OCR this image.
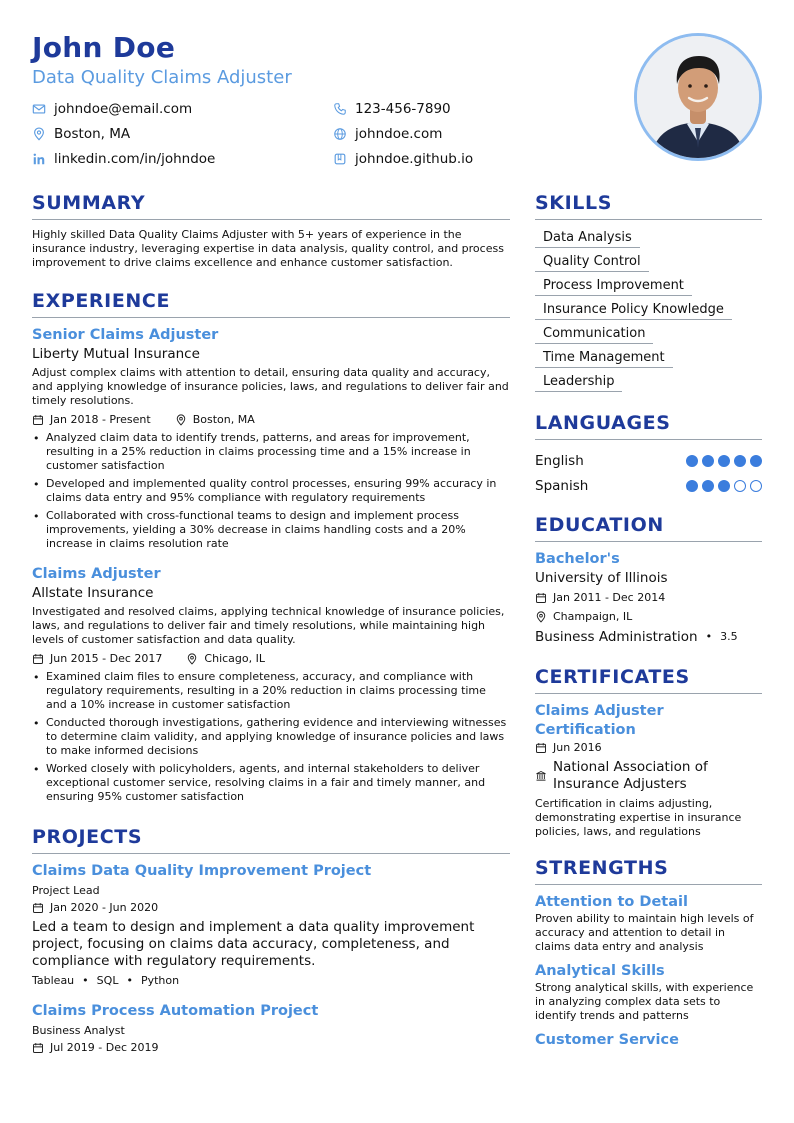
John Doe
Data Quality Claims Adjuster
johndoe@email.com	123-456-7890
Boston, MA	johndoe.com
linkedin.com/in/johndoe	johndoe.github.io
SUMMARY
Highly skilled Data Quality Claims Adjuster with 5+ years of experience in the insurance industry, leveraging expertise in data analysis, quality control, and process improvement to drive claims excellence and enhance customer satisfaction.
EXPERIENCE
Senior Claims Adjuster
Liberty Mutual Insurance
Adjust complex claims with attention to detail, ensuring data quality and accuracy, and applying knowledge of insurance policies, laws, and regulations to deliver fair and timely resolutions.
Jan 2018 - Present	Boston, MA
• Analyzed claim data to identify trends, patterns, and areas for improvement, resulting in a 25% reduction in claims processing time and a 15% increase in customer satisfaction
• Developed and implemented quality control processes, ensuring 99% accuracy in claims data entry and 95% compliance with regulatory requirements
• Collaborated with cross-functional teams to design and implement process improvements, yielding a 30% decrease in claims handling costs and a 20% increase in claims resolution rate
Claims Adjuster
Allstate Insurance
Investigated and resolved claims, applying technical knowledge of insurance policies, laws, and regulations to deliver fair and timely resolutions, while maintaining high levels of customer satisfaction and data quality.
Jun 2015 - Dec 2017	Chicago, IL
• Examined claim files to ensure completeness, accuracy, and compliance with regulatory requirements, resulting in a 20% reduction in claims processing time and a 10% increase in customer satisfaction
• Conducted thorough investigations, gathering evidence and interviewing witnesses to determine claim validity, and applying knowledge of insurance policies and laws to make informed decisions
• Worked closely with policyholders, agents, and internal stakeholders to deliver exceptional customer service, resolving claims in a fair and timely manner, and ensuring 95% customer satisfaction
PROJECTS
Claims Data Quality Improvement Project
Project Lead
Jan 2020 - Jun 2020
Led a team to design and implement a data quality improvement project, focusing on claims data accuracy, completeness, and compliance with regulatory requirements.
Tableau • SQL • Python
Claims Process Automation Project
Business Analyst
Jul 2019 - Dec 2019
SKILLS
Data Analysis
Quality Control
Process Improvement
Insurance Policy Knowledge
Communication
Time Management
Leadership
LANGUAGES
English
Spanish
EDUCATION
Bachelor's
University of Illinois
Jan 2011 - Dec 2014
Champaign, IL
Business Administration • 3.5
CERTIFICATES
Claims Adjuster Certification
Jun 2016
National Association of Insurance Adjusters
Certification in claims adjusting, demonstrating expertise in insurance policies, laws, and regulations
STRENGTHS
Attention to Detail
Proven ability to maintain high levels of accuracy and attention to detail in claims data entry and analysis
Analytical Skills
Strong analytical skills, with experience in analyzing complex data sets to identify trends and patterns
Customer Service
